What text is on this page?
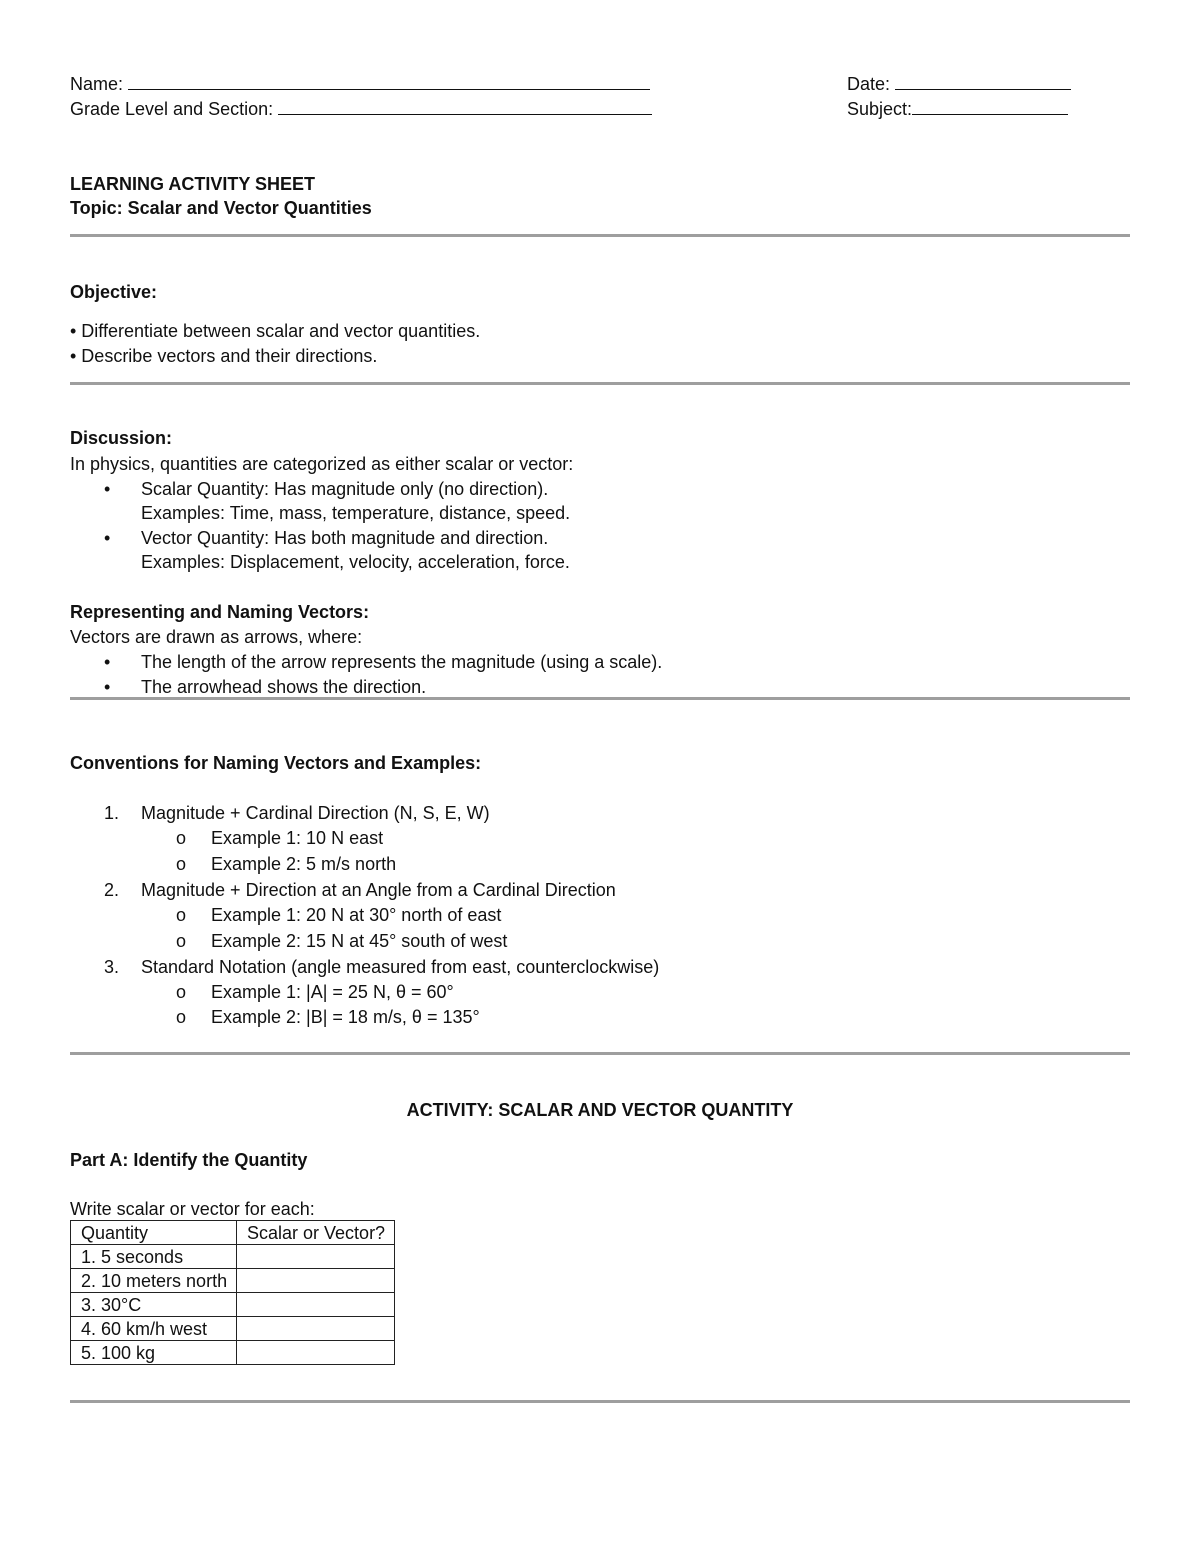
Name:
Grade Level and Section:
Date:
Subject:
LEARNING ACTIVITY SHEET
Topic: Scalar and Vector Quantities
Objective:
• Differentiate between scalar and vector quantities.
• Describe vectors and their directions.
Discussion:
In physics, quantities are categorized as either scalar or vector:
• Scalar Quantity: Has magnitude only (no direction).
Examples: Time, mass, temperature, distance, speed.
• Vector Quantity: Has both magnitude and direction.
Examples: Displacement, velocity, acceleration, force.
Representing and Naming Vectors:
Vectors are drawn as arrows, where:
• The length of the arrow represents the magnitude (using a scale).
• The arrowhead shows the direction.
Conventions for Naming Vectors and Examples:
1. Magnitude + Cardinal Direction (N, S, E, W)
o Example 1: 10 N east
o Example 2: 5 m/s north
2. Magnitude + Direction at an Angle from a Cardinal Direction
o Example 1: 20 N at 30° north of east
o Example 2: 15 N at 45° south of west
3. Standard Notation (angle measured from east, counterclockwise)
o Example 1: |A| = 25 N, θ = 60°
o Example 2: |B| = 18 m/s, θ = 135°
ACTIVITY: SCALAR AND VECTOR QUANTITY
Part A: Identify the Quantity
Write scalar or vector for each:
Quantity	Scalar or Vector?
1. 5 seconds	
2. 10 meters north	
3. 30°C	
4. 60 km/h west	
5. 100 kg	
